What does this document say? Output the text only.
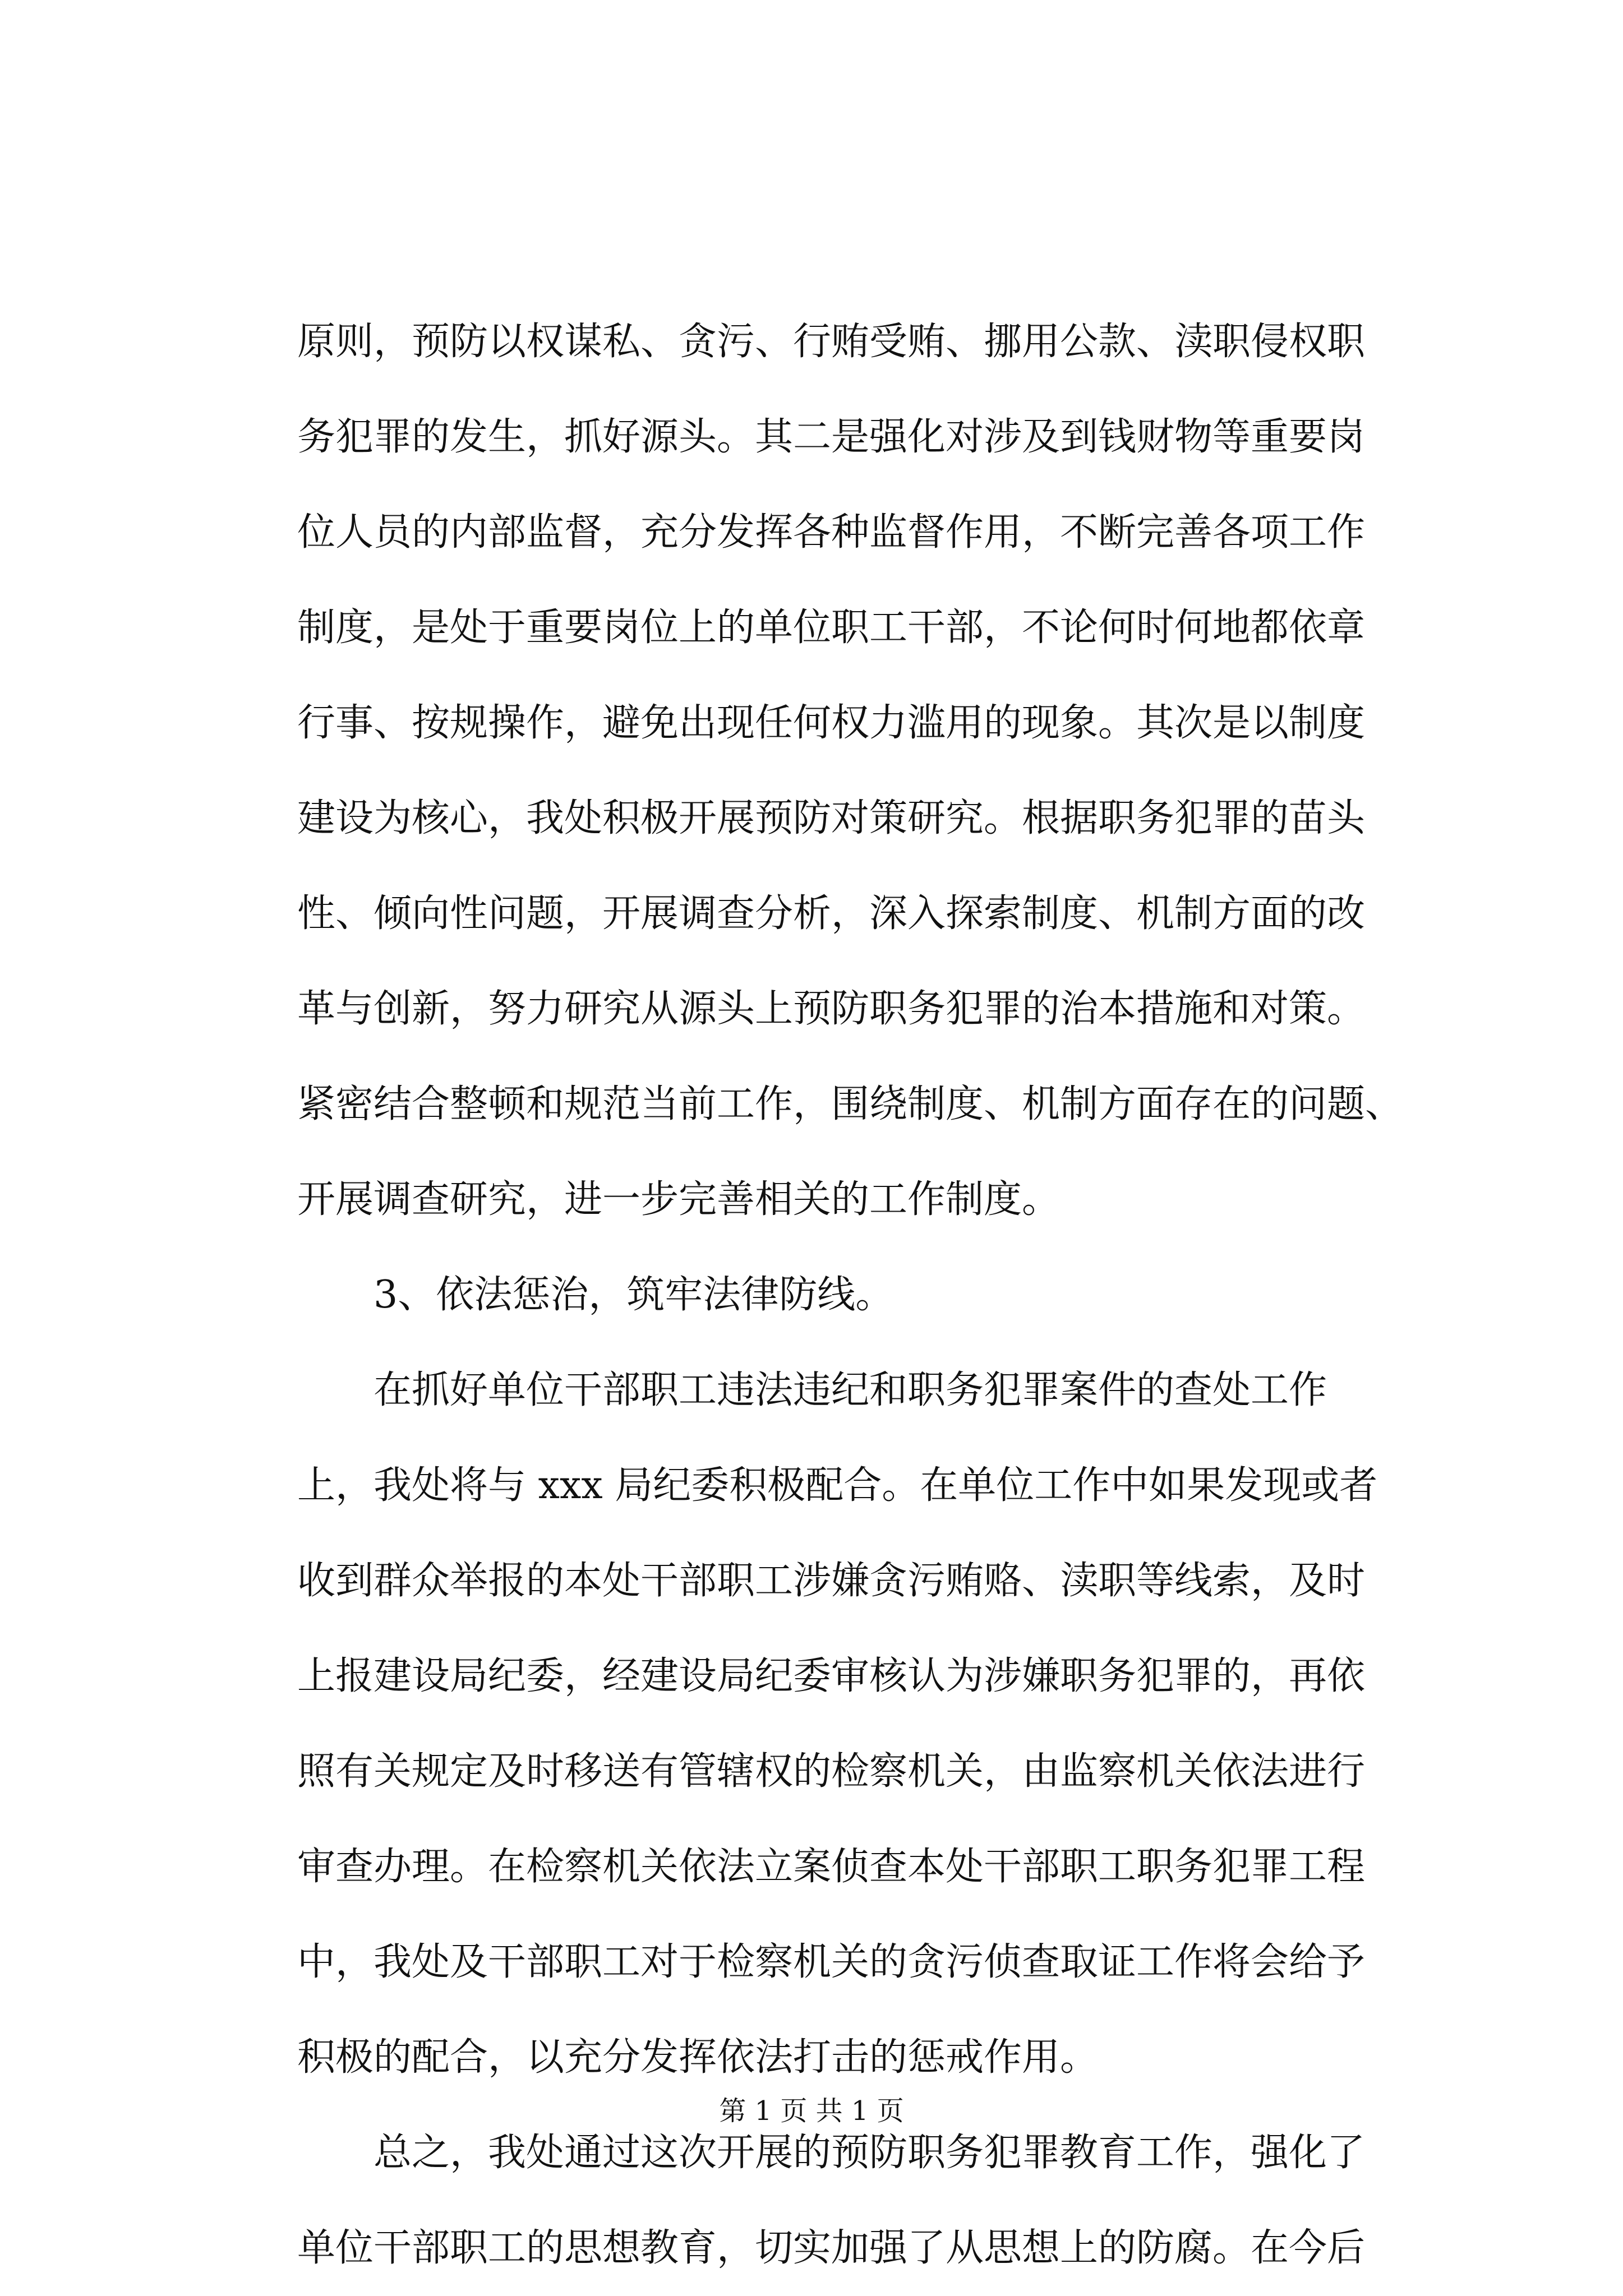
原则，预防以权谋私、贪污、行贿受贿、挪用公款、渎职侵权职
务犯罪的发生，抓好源头。其二是强化对涉及到钱财物等重要岗
位人员的内部监督，充分发挥各种监督作用，不断完善各项工作
制度，是处于重要岗位上的单位职工干部，不论何时何地都依章
行事、按规操作，避免出现任何权力滥用的现象。其次是以制度
建设为核心，我处积极开展预防对策研究。根据职务犯罪的苗头
性、倾向性问题，开展调查分析，深入探索制度、机制方面的改
革与创新，努力研究从源头上预防职务犯罪的治本措施和对策。
紧密结合整顿和规范当前工作，围绕制度、机制方面存在的问题、
开展调查研究，进一步完善相关的工作制度。
　　3、依法惩治，筑牢法律防线。
　　在抓好单位干部职工违法违纪和职务犯罪案件的查处工作
上，我处将与 xxx 局纪委积极配合。在单位工作中如果发现或者
收到群众举报的本处干部职工涉嫌贪污贿赂、渎职等线索，及时
上报建设局纪委，经建设局纪委审核认为涉嫌职务犯罪的，再依
照有关规定及时移送有管辖权的检察机关，由监察机关依法进行
审查办理。在检察机关依法立案侦查本处干部职工职务犯罪工程
中，我处及干部职工对于检察机关的贪污侦查取证工作将会给予
积极的配合，以充分发挥依法打击的惩戒作用。
　　总之，我处通过这次开展的预防职务犯罪教育工作，强化了
单位干部职工的思想教育，切实加强了从思想上的防腐。在今后
第 1 页 共 1 页
